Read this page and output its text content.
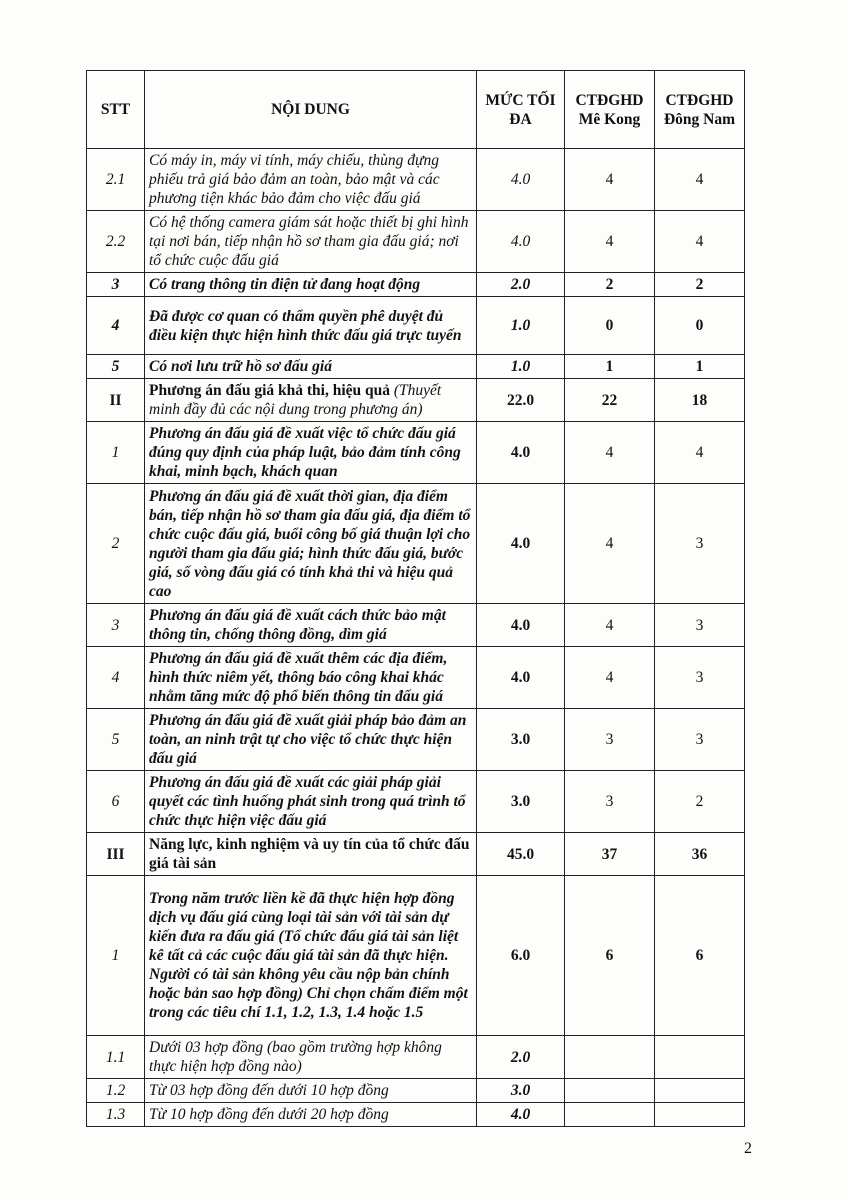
STT	NỘI DUNG	MỨC TỐI ĐA	CTĐGHD Mê Kong	CTĐGHD Đông Nam
2.1	Có máy in, máy vi tính, máy chiếu, thùng đựng phiếu trả giá bảo đảm an toàn, bảo mật và các phương tiện khác bảo đảm cho việc đấu giá	4.0	4	4
2.2	Có hệ thống camera giám sát hoặc thiết bị ghi hình tại nơi bán, tiếp nhận hồ sơ tham gia đấu giá; nơi tổ chức cuộc đấu giá	4.0	4	4
3	Có trang thông tin điện tử đang hoạt động	2.0	2	2
4	Đã được cơ quan có thẩm quyền phê duyệt đủ điều kiện thực hiện hình thức đấu giá trực tuyến	1.0	0	0
5	Có nơi lưu trữ hồ sơ đấu giá	1.0	1	1
II	Phương án đấu giá khả thi, hiệu quả (Thuyết minh đầy đủ các nội dung trong phương án)	22.0	22	18
1	Phương án đấu giá đề xuất việc tổ chức đấu giá đúng quy định của pháp luật, bảo đảm tính công khai, minh bạch, khách quan	4.0	4	4
2	Phương án đấu giá đề xuất thời gian, địa điểm bán, tiếp nhận hồ sơ tham gia đấu giá, địa điểm tổ chức cuộc đấu giá, buổi công bố giá thuận lợi cho người tham gia đấu giá; hình thức đấu giá, bước giá, số vòng đấu giá có tính khả thi và hiệu quả cao	4.0	4	3
3	Phương án đấu giá đề xuất cách thức bảo mật thông tin, chống thông đồng, dìm giá	4.0	4	3
4	Phương án đấu giá đề xuất thêm các địa điểm, hình thức niêm yết, thông báo công khai khác nhằm tăng mức độ phổ biến thông tin đấu giá	4.0	4	3
5	Phương án đấu giá đề xuất giải pháp bảo đảm an toàn, an ninh trật tự cho việc tổ chức thực hiện đấu giá	3.0	3	3
6	Phương án đấu giá đề xuất các giải pháp giải quyết các tình huống phát sinh trong quá trình tổ chức thực hiện việc đấu giá	3.0	3	2
III	Năng lực, kinh nghiệm và uy tín của tổ chức đấu giá tài sản	45.0	37	36
1	Trong năm trước liền kề đã thực hiện hợp đồng dịch vụ đấu giá cùng loại tài sản với tài sản dự kiến đưa ra đấu giá (Tổ chức đấu giá tài sản liệt kê tất cả các cuộc đấu giá tài sản đã thực hiện. Người có tài sản không yêu cầu nộp bản chính hoặc bản sao hợp đồng) Chỉ chọn chấm điểm một trong các tiêu chí 1.1, 1.2, 1.3, 1.4 hoặc 1.5	6.0	6	6
1.1	Dưới 03 hợp đồng (bao gồm trường hợp không thực hiện hợp đồng nào)	2.0		
1.2	Từ 03 hợp đồng đến dưới 10 hợp đồng	3.0		
1.3	Từ 10 hợp đồng đến dưới 20 hợp đồng	4.0		
2
